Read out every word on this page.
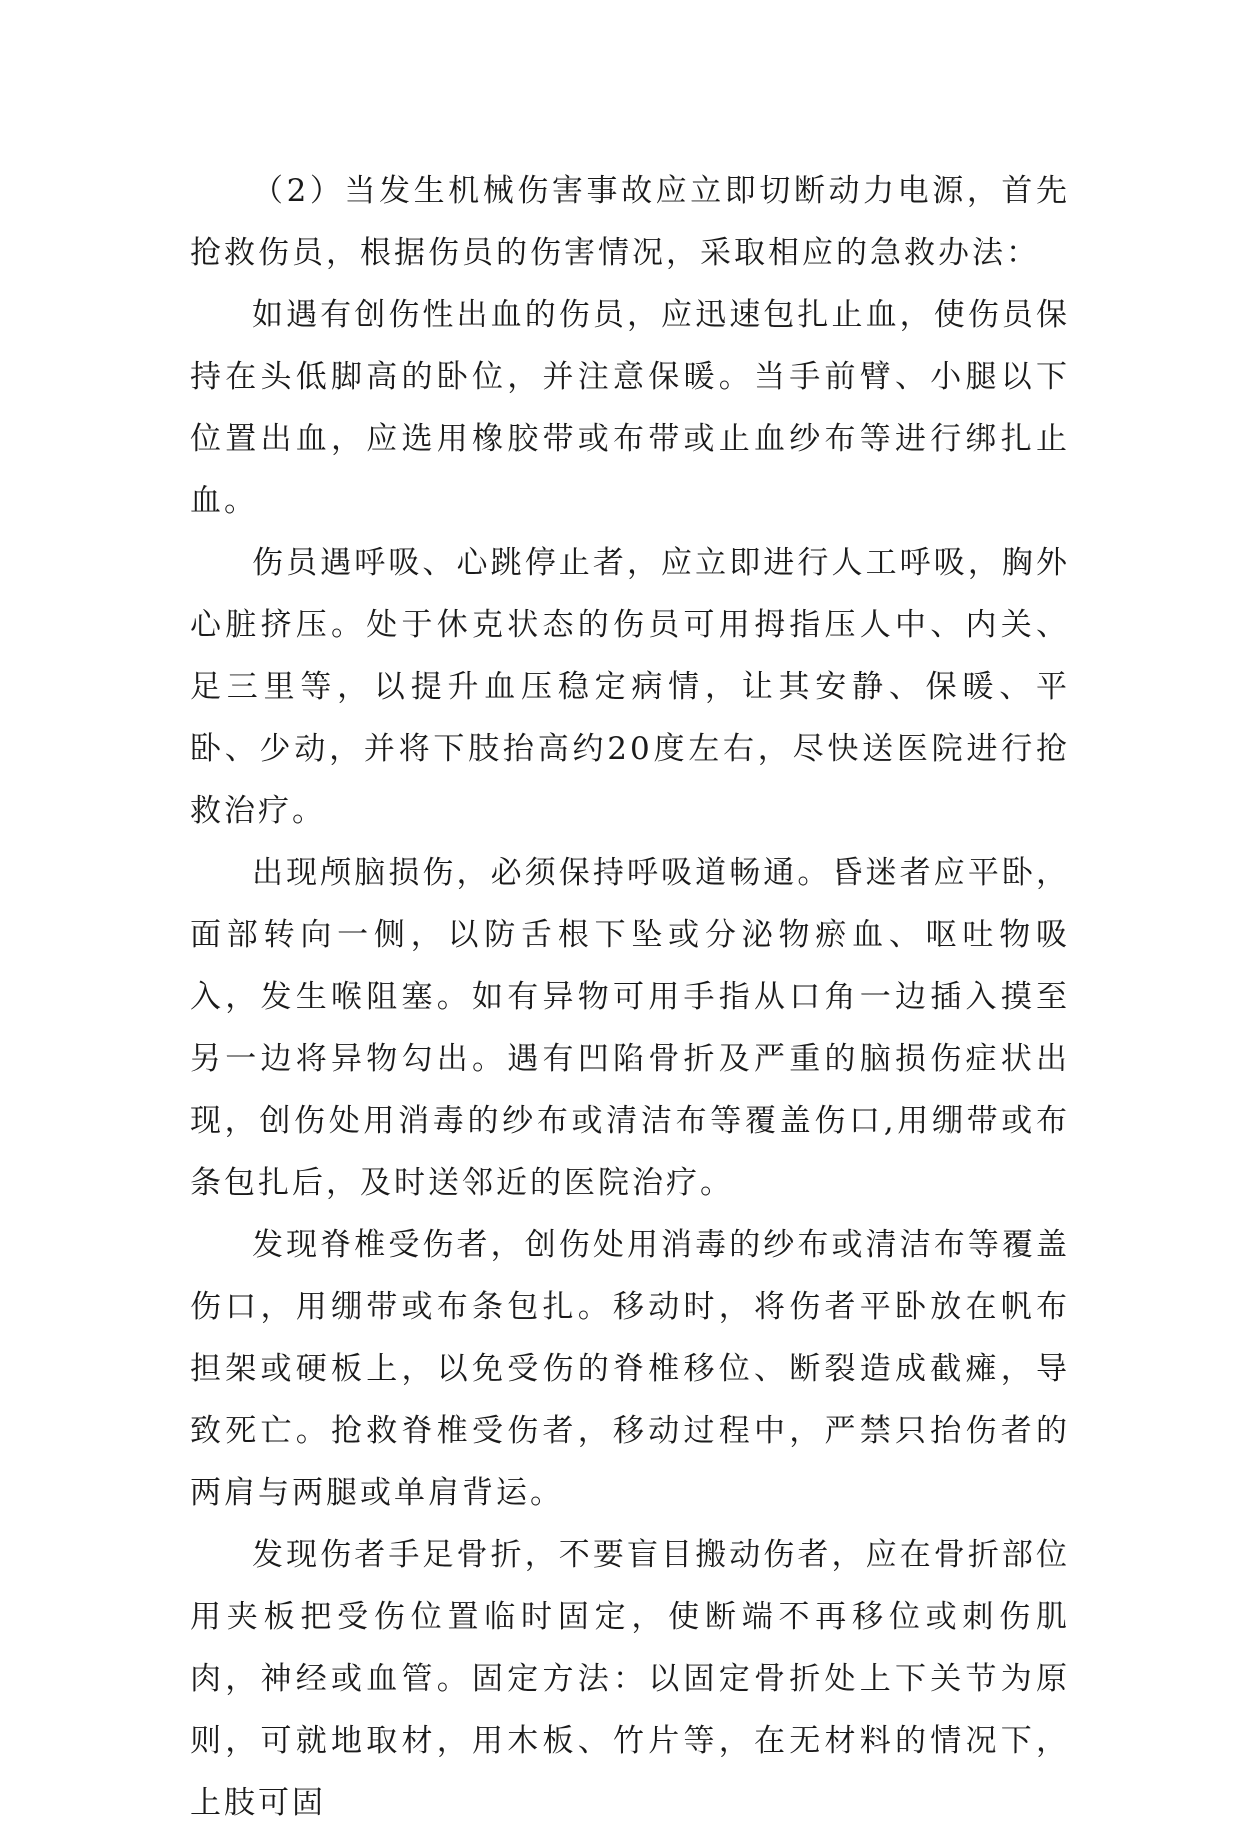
（2）当发生机械伤害事故应立即切断动力电源，首先抢救伤员，根据伤员的伤害情况，采取相应的急救办法：

如遇有创伤性出血的伤员，应迅速包扎止血，使伤员保持在头低脚高的卧位，并注意保暖。当手前臂、小腿以下位置出血，应选用橡胶带或布带或止血纱布等进行绑扎止血。

伤员遇呼吸、心跳停止者，应立即进行人工呼吸，胸外心脏挤压。处于休克状态的伤员可用拇指压人中、内关、足三里等，以提升血压稳定病情，让其安静、保暖、平卧、少动，并将下肢抬高约20度左右，尽快送医院进行抢救治疗。

出现颅脑损伤，必须保持呼吸道畅通。昏迷者应平卧，面部转向一侧，以防舌根下坠或分泌物瘀血、呕吐物吸入，发生喉阻塞。如有异物可用手指从口角一边插入摸至另一边将异物勾出。遇有凹陷骨折及严重的脑损伤症状出现，创伤处用消毒的纱布或清洁布等覆盖伤口,用绷带或布条包扎后，及时送邻近的医院治疗。

发现脊椎受伤者，创伤处用消毒的纱布或清洁布等覆盖伤口，用绷带或布条包扎。移动时，将伤者平卧放在帆布担架或硬板上，以免受伤的脊椎移位、断裂造成截瘫，导致死亡。抢救脊椎受伤者，移动过程中，严禁只抬伤者的两肩与两腿或单肩背运。

发现伤者手足骨折，不要盲目搬动伤者，应在骨折部位用夹板把受伤位置临时固定，使断端不再移位或刺伤肌肉，神经或血管。固定方法：以固定骨折处上下关节为原则，可就地取材，用木板、竹片等，在无材料的情况下，上肢可固
